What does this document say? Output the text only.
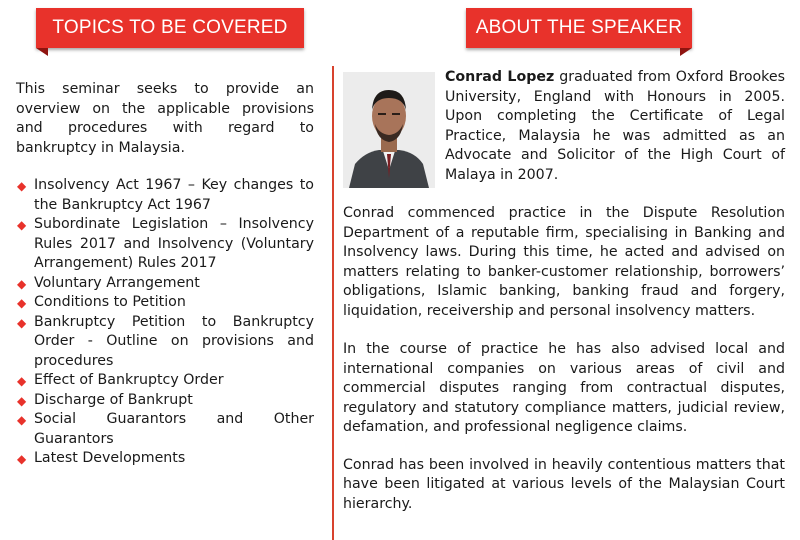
TOPICS TO BE COVERED	ABOUT THE SPEAKER

This seminar seeks to provide an overview on the applicable provisions and procedures with regard to bankruptcy in Malaysia.

◆ Insolvency Act 1967 – Key changes to the Bankruptcy Act 1967
◆ Subordinate Legislation – Insolvency Rules 2017 and Insolvency (Voluntary Arrangement) Rules 2017
◆ Voluntary Arrangement
◆ Conditions to Petition
◆ Bankruptcy Petition to Bankruptcy Order - Outline on provisions and procedures
◆ Effect of Bankruptcy Order
◆ Discharge of Bankrupt
◆ Social Guarantors and Other Guarantors
◆ Latest Developments

Conrad Lopez graduated from Oxford Brookes University, England with Honours in 2005. Upon completing the Certificate of Legal Practice, Malaysia he was admitted as an Advocate and Solicitor of the High Court of Malaya in 2007.

Conrad commenced practice in the Dispute Resolution Department of a reputable firm, specialising in Banking and Insolvency laws. During this time, he acted and advised on matters relating to banker-customer relationship, borrowers’ obligations, Islamic banking, banking fraud and forgery, liquidation, receivership and personal insolvency matters.

In the course of practice he has also advised local and international companies on various areas of civil and commercial disputes ranging from contractual disputes, regulatory and statutory compliance matters, judicial review, defamation, and professional negligence claims.

Conrad has been involved in heavily contentious matters that have been litigated at various levels of the Malaysian Court hierarchy.
